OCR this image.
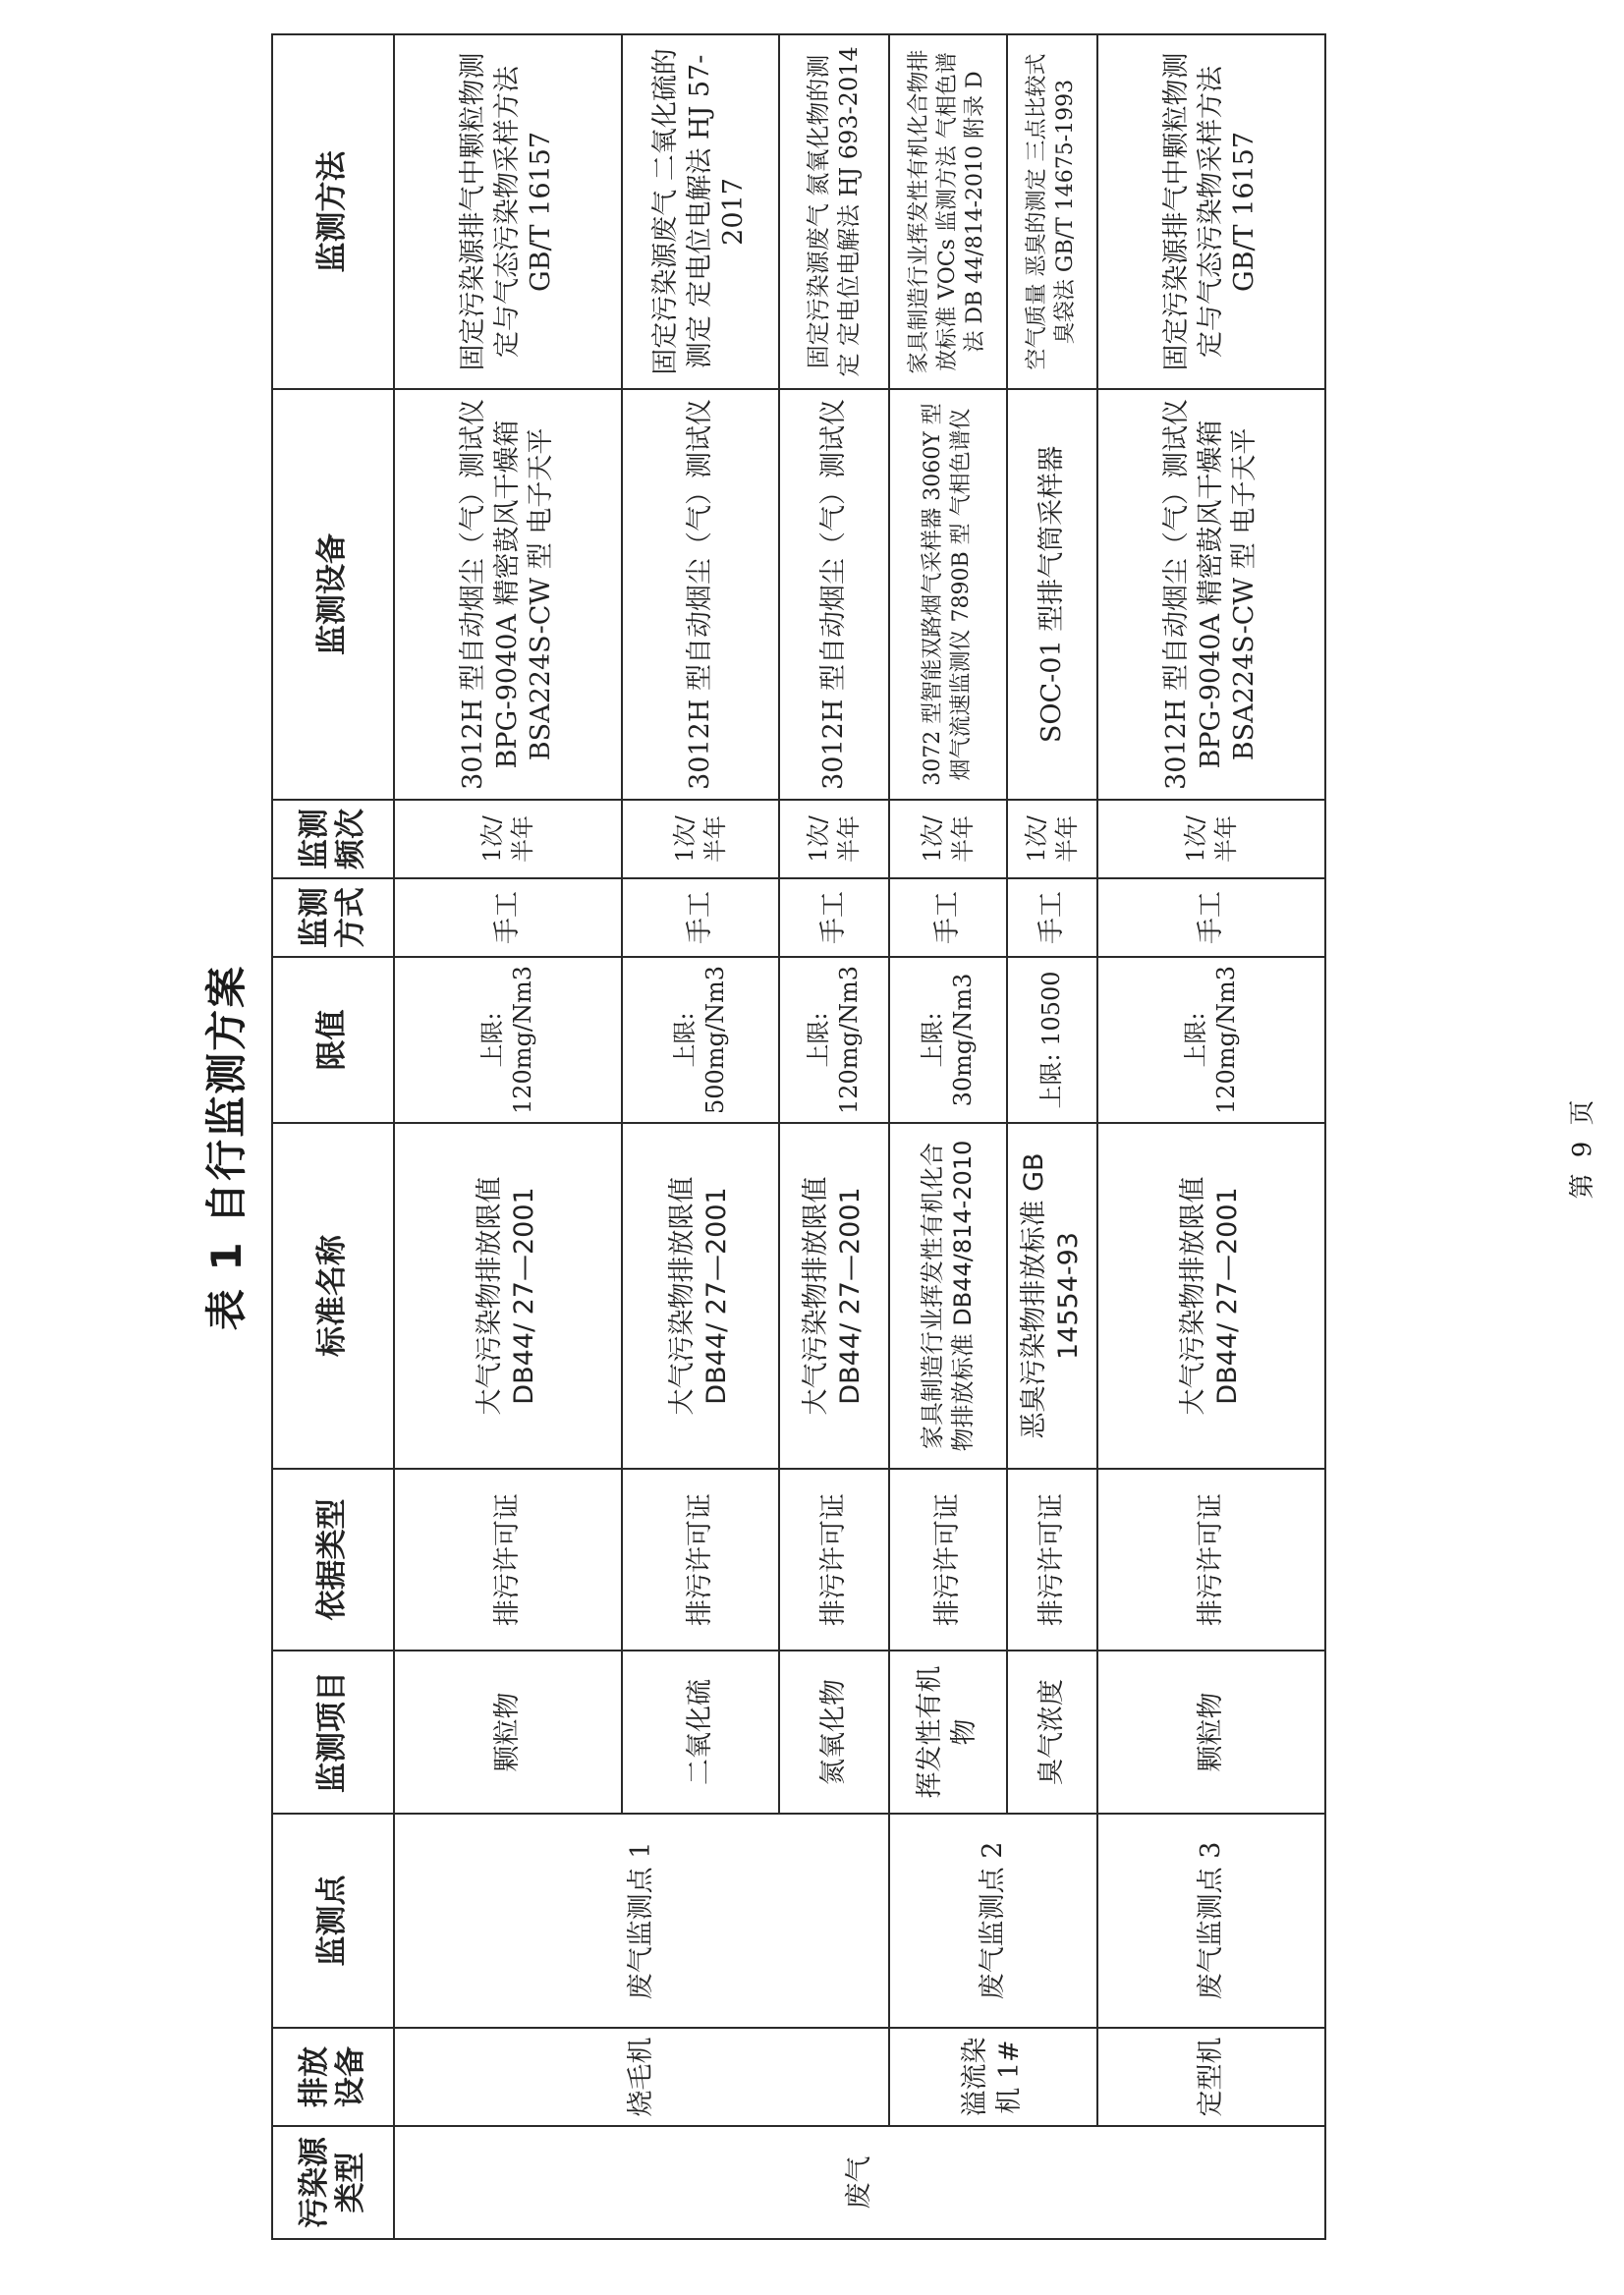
表 1 自行监测方案
污染源类型	排放设备	监测点	监测项目	依据类型	标准名称	限值	监测方式	监测频次	监测设备	监测方法
废气	烧毛机	废气监测点 1	颗粒物	排污许可证	大气污染物排放限值 DB44/ 27—2001	上限: 120mg/Nm3	手工	1次/半年	3012H 型自动烟尘（气）测试仪 BPG-9040A 精密鼓风干燥箱 BSA224S-CW 型 电子天平	固定污染源排气中颗粒物测定与气态污染物采样方法 GB/T 16157
			二氧化硫	排污许可证	大气污染物排放限值 DB44/ 27—2001	上限: 500mg/Nm3	手工	1次/半年	3012H 型自动烟尘（气）测试仪	固定污染源废气 二氧化硫的测定 定电位电解法 HJ 57-2017
			氮氧化物	排污许可证	大气污染物排放限值 DB44/ 27—2001	上限: 120mg/Nm3	手工	1次/半年	3012H 型自动烟尘（气）测试仪	固定污染源废气 氮氧化物的测定 定电位电解法 HJ 693-2014
	溢流染机 1#	废气监测点 2	挥发性有机物	排污许可证	家具制造行业挥发性有机化合物排放标准 DB44/814-2010	上限: 30mg/Nm3	手工	1次/半年	3072 型智能双路烟气采样器 3060Y 型烟气流速监测仪 7890B 型 气相色谱仪	家具制造行业挥发性有机化合物排放标准 VOCs 监测方法 气相色谱法 DB 44/814-2010 附录 D
			臭气浓度	排污许可证	恶臭污染物排放标准 GB 14554-93	上限: 10500	手工	1次/半年	SOC-01 型排气筒采样器	空气质量 恶臭的测定 三点比较式臭袋法 GB/T 14675-1993
	定型机	废气监测点 3	颗粒物	排污许可证	大气污染物排放限值 DB44/ 27—2001	上限: 120mg/Nm3	手工	1次/半年	3012H 型自动烟尘（气）测试仪 BPG-9040A 精密鼓风干燥箱 BSA224S-CW 型 电子天平	固定污染源排气中颗粒物测定与气态污染物采样方法 GB/T 16157
第 9 页
